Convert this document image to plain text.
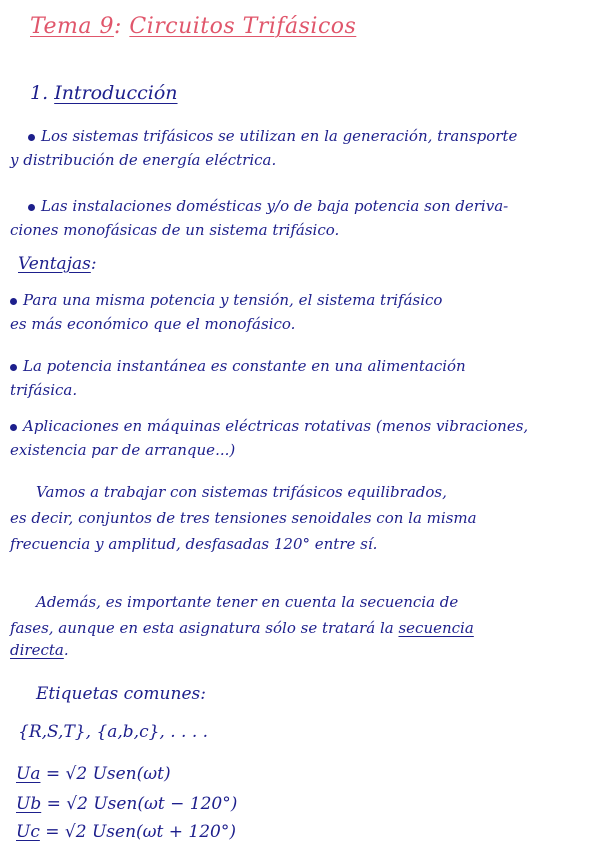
Tema 9: Circuitos Trifásicos
1. Introducción
Los sistemas trifásicos se utilizan en la generación, transporte
y distribución de energía eléctrica.
Las instalaciones domésticas y/o de baja potencia son deriva-
ciones monofásicas de un sistema trifásico.
Ventajas:
Para una misma potencia y tensión, el sistema trifásico
es más económico que el monofásico.
La potencia instantánea es constante en una alimentación
trifásica.
Aplicaciones en máquinas eléctricas rotativas (menos vibraciones,
existencia par de arranque...)
Vamos a trabajar con sistemas trifásicos equilibrados,
es decir, conjuntos de tres tensiones senoidales con la misma
frecuencia y amplitud, desfasadas 120° entre sí.
Además, es importante tener en cuenta la secuencia de
fases, aunque en esta asignatura sólo se tratará la secuencia
directa.
Etiquetas comunes:
{R,S,T}, {a,b,c}, . . . .
Ua = √2 Usen(ωt)
Ub = √2 Usen(ωt − 120°)
Uc = √2 Usen(ωt + 120°)
